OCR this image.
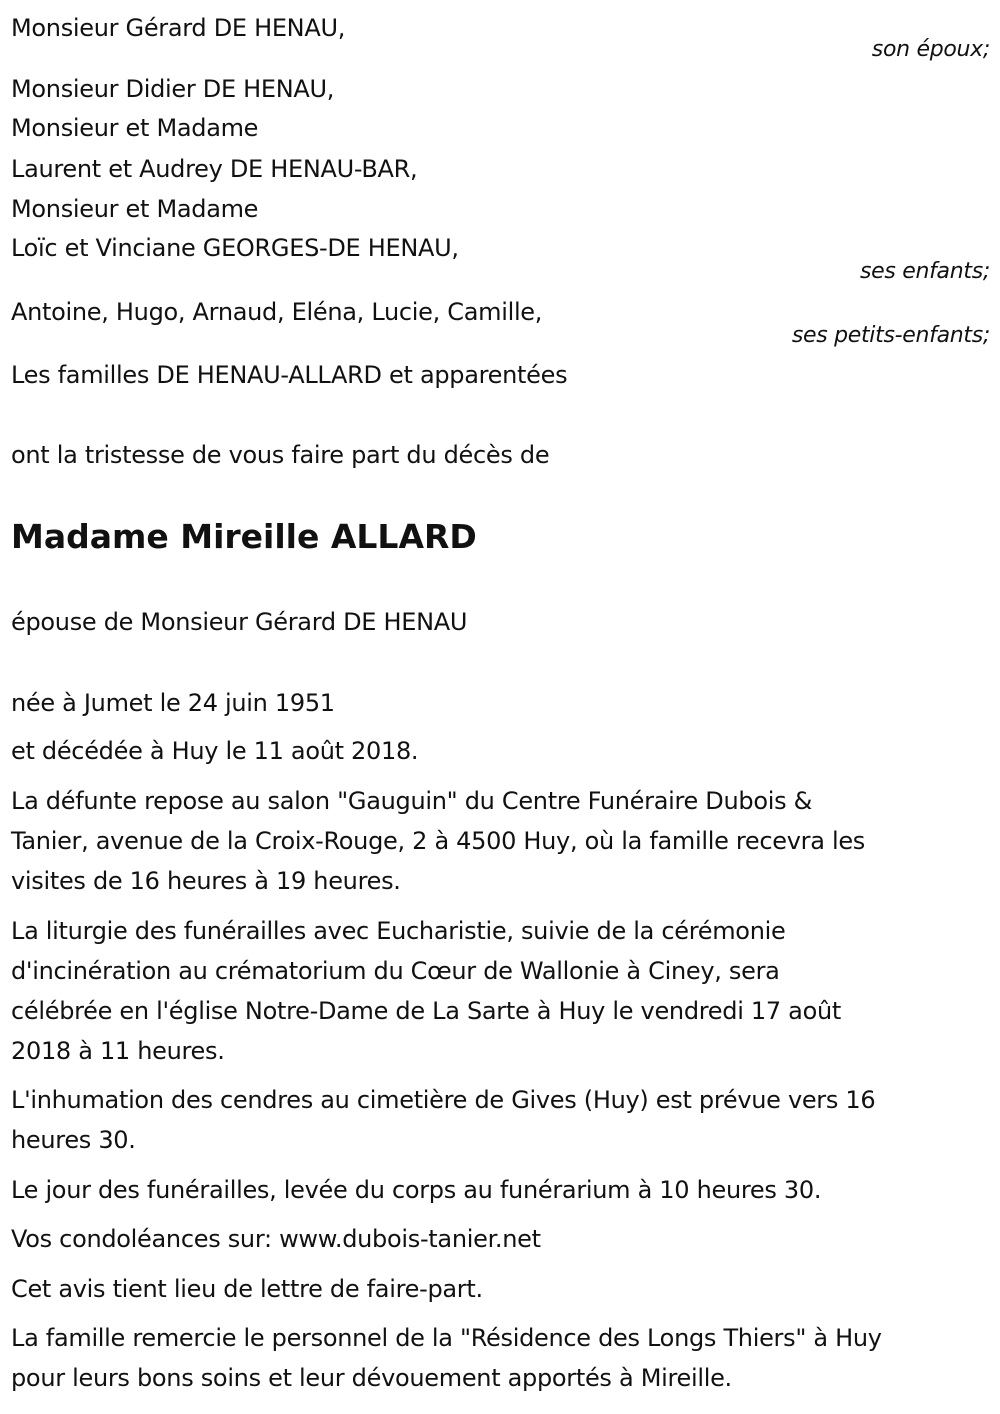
Monsieur Gérard DE HENAU,
son époux;
Monsieur Didier DE HENAU,
Monsieur et Madame
Laurent et Audrey DE HENAU-BAR,
Monsieur et Madame
Loïc et Vinciane GEORGES-DE HENAU,
ses enfants;
Antoine, Hugo, Arnaud, Eléna, Lucie, Camille,
ses petits-enfants;
Les familles DE HENAU-ALLARD et apparentées
ont la tristesse de vous faire part du décès de
Madame Mireille ALLARD
épouse de Monsieur Gérard DE HENAU
née à Jumet le 24 juin 1951
et décédée à Huy le 11 août 2018.
La défunte repose au salon "Gauguin" du Centre Funéraire Dubois &
Tanier, avenue de la Croix-Rouge, 2 à 4500 Huy, où la famille recevra les
visites de 16 heures à 19 heures.
La liturgie des funérailles avec Eucharistie, suivie de la cérémonie
d'incinération au crématorium du Cœur de Wallonie à Ciney, sera
célébrée en l'église Notre-Dame de La Sarte à Huy le vendredi 17 août
2018 à 11 heures.
L'inhumation des cendres au cimetière de Gives (Huy) est prévue vers 16
heures 30.
Le jour des funérailles, levée du corps au funérarium à 10 heures 30.
Vos condoléances sur: www.dubois-tanier.net
Cet avis tient lieu de lettre de faire-part.
La famille remercie le personnel de la "Résidence des Longs Thiers" à Huy
pour leurs bons soins et leur dévouement apportés à Mireille.
